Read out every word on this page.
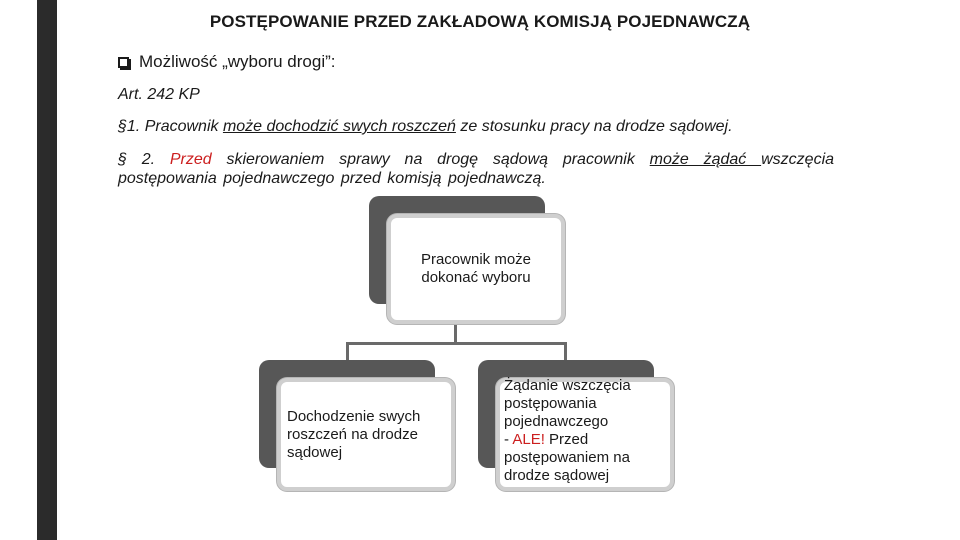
POSTĘPOWANIE PRZED ZAKŁADOWĄ KOMISJĄ POJEDNAWCZĄ
Możliwość „wyboru drogi”:
Art. 242 KP
§1. Pracownik może dochodzić swych roszczeń ze stosunku pracy na drodze sądowej.
§ 2. Przed skierowaniem sprawy na drogę sądową pracownik może żądać wszczęcia postępowania pojednawczego przed komisją pojednawczą.
Pracownik może
dokonać wyboru
Dochodzenie swych
roszczeń na drodze
sądowej
Żądanie wszczęcia
postępowania
pojednawczego
- ALE! Przed
postępowaniem na
drodze sądowej
